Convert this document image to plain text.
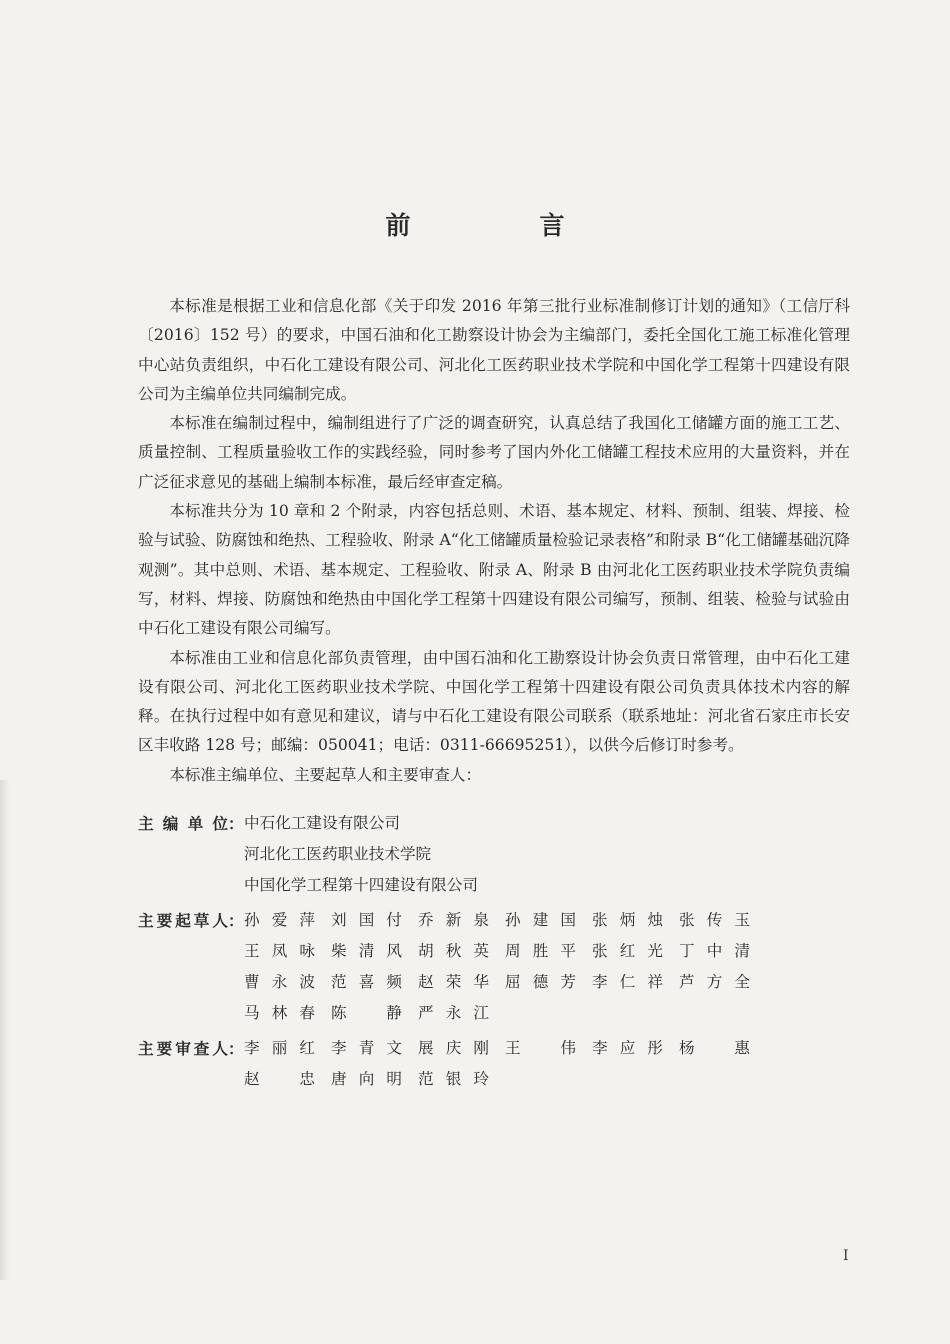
前　言

本标准是根据工业和信息化部《关于印发 2016 年第三批行业标准制修订计划的通知》（工信厅科〔2016〕152 号）的要求，中国石油和化工勘察设计协会为主编部门，委托全国化工施工标准化管理中心站负责组织，中石化工建设有限公司、河北化工医药职业技术学院和中国化学工程第十四建设有限公司为主编单位共同编制完成。

本标准在编制过程中，编制组进行了广泛的调查研究，认真总结了我国化工储罐方面的施工工艺、质量控制、工程质量验收工作的实践经验，同时参考了国内外化工储罐工程技术应用的大量资料，并在广泛征求意见的基础上编制本标准，最后经审查定稿。

本标准共分为 10 章和 2 个附录，内容包括总则、术语、基本规定、材料、预制、组装、焊接、检验与试验、防腐蚀和绝热、工程验收、附录 A“化工储罐质量检验记录表格”和附录 B“化工储罐基础沉降观测”。其中总则、术语、基本规定、工程验收、附录 A、附录 B 由河北化工医药职业技术学院负责编写，材料、焊接、防腐蚀和绝热由中国化学工程第十四建设有限公司编写，预制、组装、检验与试验由中石化工建设有限公司编写。

本标准由工业和信息化部负责管理，由中国石油和化工勘察设计协会负责日常管理，由中石化工建设有限公司、河北化工医药职业技术学院、中国化学工程第十四建设有限公司负责具体技术内容的解释。在执行过程中如有意见和建议，请与中石化工建设有限公司联系（联系地址：河北省石家庄市长安区丰收路 128 号；邮编：050041；电话：0311-66695251），以供今后修订时参考。

本标准主编单位、主要起草人和主要审查人：

主编单位： 中石化工建设有限公司
河北化工医药职业技术学院
中国化学工程第十四建设有限公司
主要起草人： 孙爱萍	刘国付	乔新泉	孙建国	张炳烛	张传玉
王凤咏	柴清风	胡秋英	周胜平	张红光	丁中清
曹永波	范喜频	赵荣华	屈德芳	李仁祥	芦方全
马林春	陈　静	严永江
主要审查人： 李丽红	李青文	展庆刚	王　伟	李应彤	杨　惠
赵　忠	唐向明	范银玲
I
